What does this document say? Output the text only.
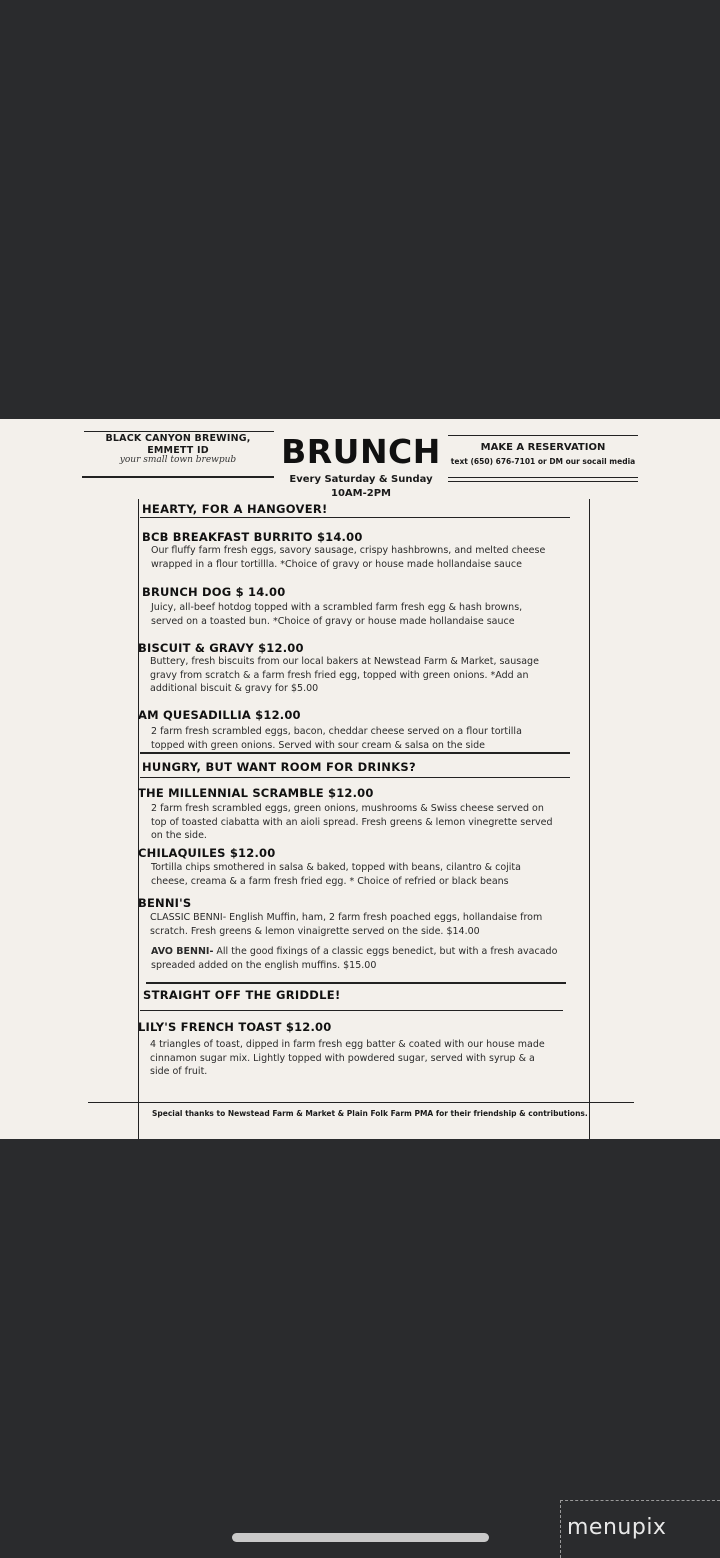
BLACK CANYON BREWING, EMMETT ID
your small town brewpub	BRUNCH
Every Saturday & Sunday
10AM-2PM
MAKE A RESERVATION
text (650) 676-7101 or DM our socail media
HEARTY, FOR A HANGOVER!
BCB BREAKFAST BURRITO $14.00
Our fluffy farm fresh eggs, savory sausage, crispy hashbrowns, and melted cheese
wrapped in a flour tortillla. *Choice of gravy or house made hollandaise sauce
BRUNCH DOG $ 14.00
Juicy, all-beef hotdog topped with a scrambled farm fresh egg & hash browns,
served on a toasted bun. *Choice of gravy or house made hollandaise sauce
BISCUIT & GRAVY $12.00
Buttery, fresh biscuits from our local bakers at Newstead Farm & Market, sausage
gravy from scratch & a farm fresh fried egg, topped with green onions. *Add an
additional biscuit & gravy for $5.00
AM QUESADILLIA $12.00
2 farm fresh scrambled eggs, bacon, cheddar cheese served on a flour tortilla
topped with green onions. Served with sour cream & salsa on the side
HUNGRY, BUT WANT ROOM FOR DRINKS?
THE MILLENNIAL SCRAMBLE $12.00
2 farm fresh scrambled eggs, green onions, mushrooms & Swiss cheese served on
top of toasted ciabatta with an aioli spread. Fresh greens & lemon vinegrette served
on the side.
CHILAQUILES $12.00
Tortilla chips smothered in salsa & baked, topped with beans, cilantro & cojita
cheese, creama & a farm fresh fried egg. * Choice of refried or black beans
BENNI'S
CLASSIC BENNI- English Muffin, ham, 2 farm fresh poached eggs, hollandaise from
scratch. Fresh greens & lemon vinaigrette served on the side. $14.00
AVO BENNI- All the good fixings of a classic eggs benedict, but with a fresh avacado
spreaded added on the english muffins. $15.00
STRAIGHT OFF THE GRIDDLE!
LILY'S FRENCH TOAST $12.00
4 triangles of toast, dipped in farm fresh egg batter & coated with our house made
cinnamon sugar mix. Lightly topped with powdered sugar, served with syrup & a
side of fruit.
Special thanks to Newstead Farm & Market & Plain Folk Farm PMA for their friendship & contributions.
menupix
